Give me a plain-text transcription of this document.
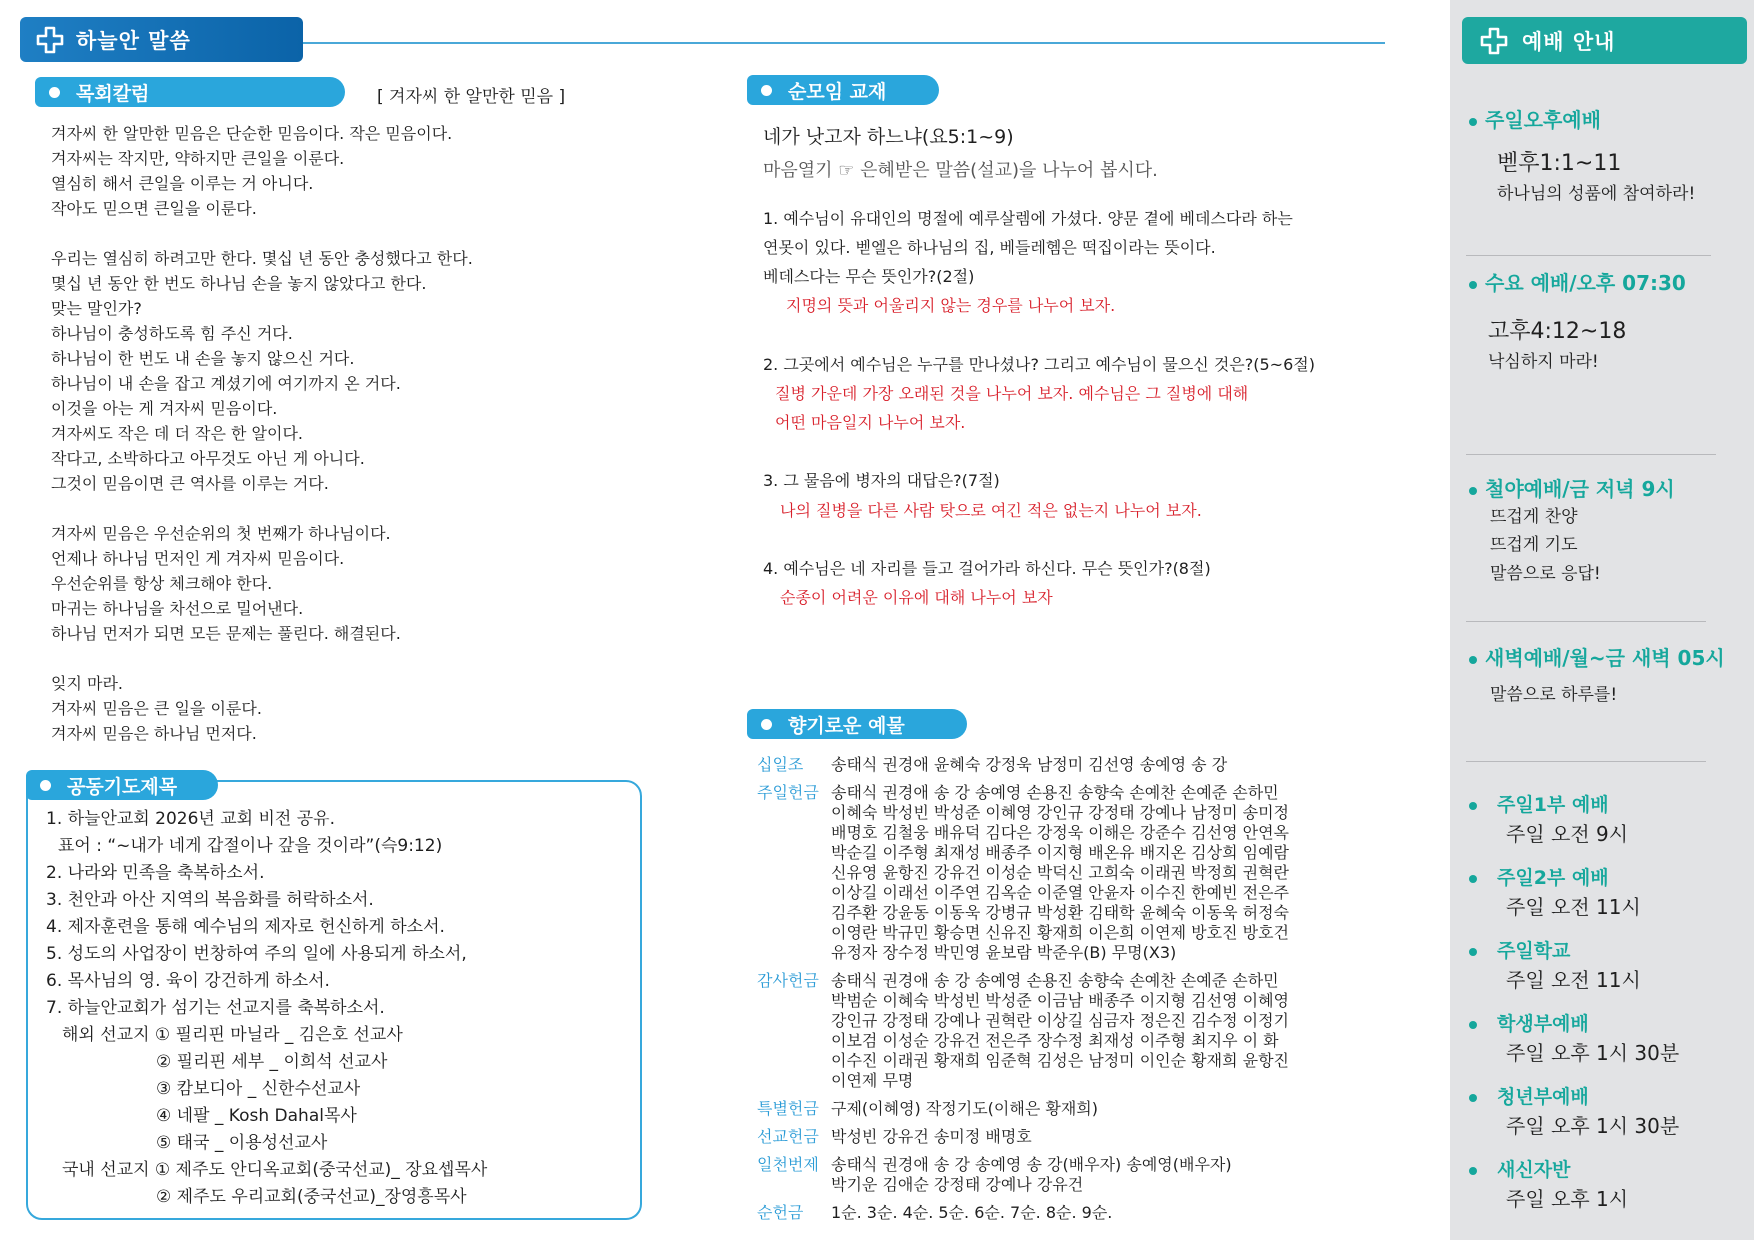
하늘안 말씀
목회칼럼	[ 겨자씨 한 알만한 믿음 ]
겨자씨 한 알만한 믿음은 단순한 믿음이다. 작은 믿음이다.
겨자씨는 작지만, 약하지만 큰일을 이룬다.
열심히 해서 큰일을 이루는 거 아니다.
작아도 믿으면 큰일을 이룬다.
우리는 열심히 하려고만 한다. 몇십 년 동안 충성했다고 한다.
몇십 년 동안 한 번도 하나님 손을 놓지 않았다고 한다.
맞는 말인가?
하나님이 충성하도록 힘 주신 거다.
하나님이 한 번도 내 손을 놓지 않으신 거다.
하나님이 내 손을 잡고 계셨기에 여기까지 온 거다.
이것을 아는 게 겨자씨 믿음이다.
겨자씨도 작은 데 더 작은 한 알이다.
작다고, 소박하다고 아무것도 아닌 게 아니다.
그것이 믿음이면 큰 역사를 이루는 거다.
겨자씨 믿음은 우선순위의 첫 번째가 하나님이다.
언제나 하나님 먼저인 게 겨자씨 믿음이다.
우선순위를 항상 체크해야 한다.
마귀는 하나님을 차선으로 밀어낸다.
하나님 먼저가 되면 모든 문제는 풀린다. 해결된다.
잊지 마라.
겨자씨 믿음은 큰 일을 이룬다.
겨자씨 믿음은 하나님 먼저다.
공동기도제목
1. 하늘안교회 2026년 교회 비전 공유.
표어 : “~내가 네게 갑절이나 갚을 것이라”(슥9:12)
2. 나라와 민족을 축복하소서.
3. 천안과 아산 지역의 복음화를 허락하소서.
4. 제자훈련을 통해 예수님의 제자로 헌신하게 하소서.
5. 성도의 사업장이 번창하여 주의 일에 사용되게 하소서,
6. 목사님의 영. 육이 강건하게 하소서.
7. 하늘안교회가 섬기는 선교지를 축복하소서.
해외 선교지 ① 필리핀 마닐라 _ 김은호 선교사
② 필리핀 세부 _ 이희석 선교사
③ 캄보디아 _ 신한수선교사
④ 네팔 _ Kosh Dahal목사
⑤ 태국 _ 이용성선교사
국내 선교지 ① 제주도 안디옥교회(중국선교)_ 장요셉목사
② 제주도 우리교회(중국선교)_장영흥목사
순모임 교재
네가 낫고자 하느냐(요5:1~9)
마음열기 ☞ 은혜받은 말씀(설교)을 나누어 봅시다.
1. 예수님이 유대인의 명절에 예루살렘에 가셨다. 양문 곁에 베데스다라 하는
연못이 있다. 벧엘은 하나님의 집, 베들레헴은 떡집이라는 뜻이다.
베데스다는 무슨 뜻인가?(2절)
지명의 뜻과 어울리지 않는 경우를 나누어 보자.
2. 그곳에서 예수님은 누구를 만나셨나? 그리고 예수님이 물으신 것은?(5~6절)
질병 가운데 가장 오래된 것을 나누어 보자. 예수님은 그 질병에 대해
어떤 마음일지 나누어 보자.
3. 그 물음에 병자의 대답은?(7절)
나의 질병을 다른 사람 탓으로 여긴 적은 없는지 나누어 보자.
4. 예수님은 네 자리를 들고 걸어가라 하신다. 무슨 뜻인가?(8절)
순종이 어려운 이유에 대해 나누어 보자
향기로운 예물
십일조	송태식 권경애 윤혜숙 강정욱 남정미 김선영 송예영 송 강
주일헌금 송태식 권경애 송 강 송예영 손용진 송향숙 손예찬 손예준 손하민
이혜숙 박성빈 박성준 이혜영 강인규 강정태 강예나 남정미 송미정
배명호 김철웅 배유덕 김다은 강정욱 이해은 강준수 김선영 안연옥
박순길 이주형 최재성 배종주 이지형 배온유 배지온 김상희 임예람
신유영 윤항진 강유건 이성순 박덕신 고희숙 이래권 박정희 권혁란
이상길 이래선 이주연 김옥순 이준열 안윤자 이수진 한예빈 전은주
김주환 강윤동 이동욱 강병규 박성환 김태학 윤혜숙 이동욱 허정숙
이영란 박규민 황승면 신유진 황재희 이은희 이연제 방호진 방호건
유정자 장수정 박민영 윤보람 박준우(B) 무명(X3)
감사헌금 송태식 권경애 송 강 송예영 손용진 송향숙 손예찬 손예준 손하민
박범순 이혜숙 박성빈 박성준 이금남 배종주 이지형 김선영 이혜영
강인규 강정태 강예나 권혁란 이상길 심금자 정은진 김수정 이정기
이보검 이성순 강유건 전은주 장수정 최재성 이주형 최지우 이 화
이수진 이래권 황재희 임준혁 김성은 남정미 이인순 황재희 윤항진
이연제 무명
특별헌금 구제(이혜영) 작정기도(이해은 황재희)
선교헌금 박성빈 강유건 송미정 배명호
일천번제 송태식 권경애 송 강 송예영 송 강(배우자) 송예영(배우자)
박기운 김애순 강정태 강예나 강유건
순헌금	1순. 3순. 4순. 5순. 6순. 7순. 8순. 9순.
예배 안내
주일오후예배
벧후1:1~11
하나님의 성품에 참여하라!
수요 예배/오후 07:30
고후4:12~18
낙심하지 마라!
철야예배/금 저녁 9시
뜨겁게 찬양
뜨겁게 기도
말씀으로 응답!
새벽예배/월~금 새벽 05시
말씀으로 하루를!
주일1부 예배
주일 오전 9시
주일2부 예배
주일 오전 11시
주일학교
주일 오전 11시
학생부예배
주일 오후 1시 30분
청년부예배
주일 오후 1시 30분
새신자반
주일 오후 1시
